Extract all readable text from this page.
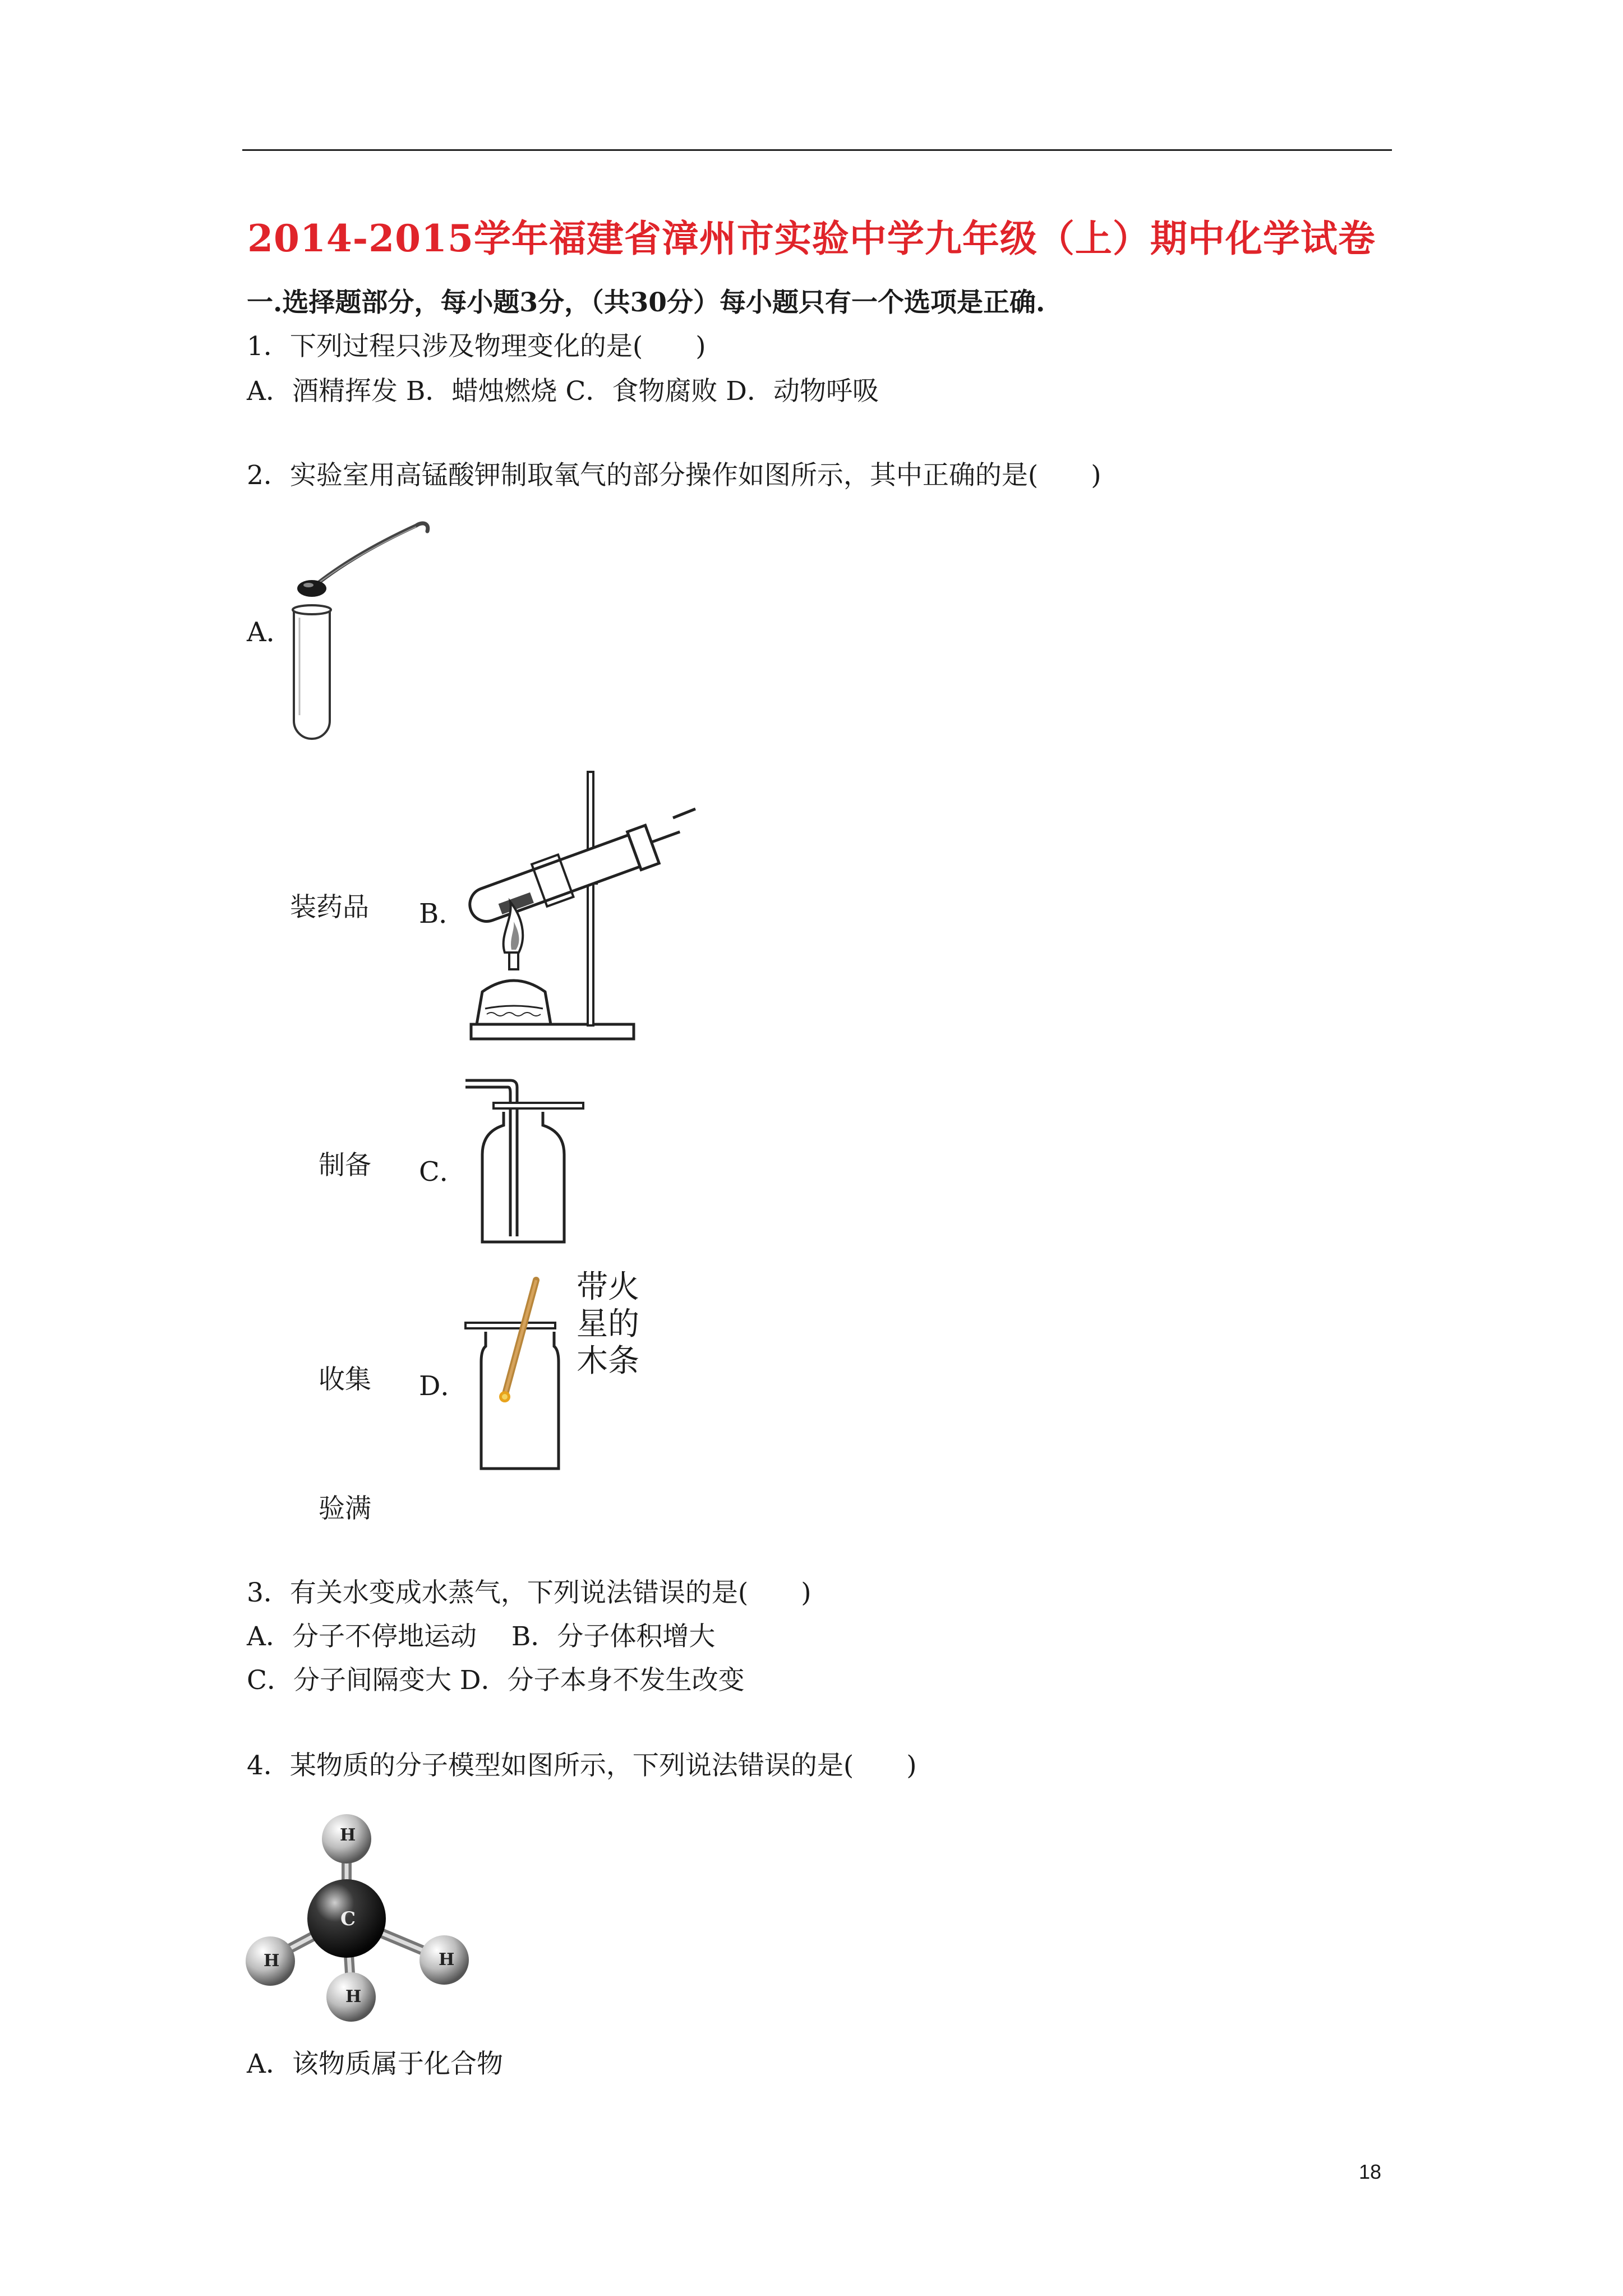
2014-2015学年福建省漳州市实验中学九年级（上）期中化学试卷
一.选择题部分，每小题3分，（共30分）每小题只有一个选项是正确.
1．下列过程只涉及物理变化的是(　　)
A．酒精挥发 B．蜡烛燃烧 C．食物腐败 D．动物呼吸
2．实验室用高锰酸钾制取氧气的部分操作如图所示，其中正确的是(　　)
A．
装药品 B．
制备 C．
收集 D．
带火
星的
木条
验满
3．有关水变成水蒸气，下列说法错误的是(　　)
A．分子不停地运动　 B．分子体积增大
C．分子间隔变大 D．分子本身不发生改变
4．某物质的分子模型如图所示，下列说法错误的是(　　)
H
C
H	H
H
A．该物质属于化合物
18
